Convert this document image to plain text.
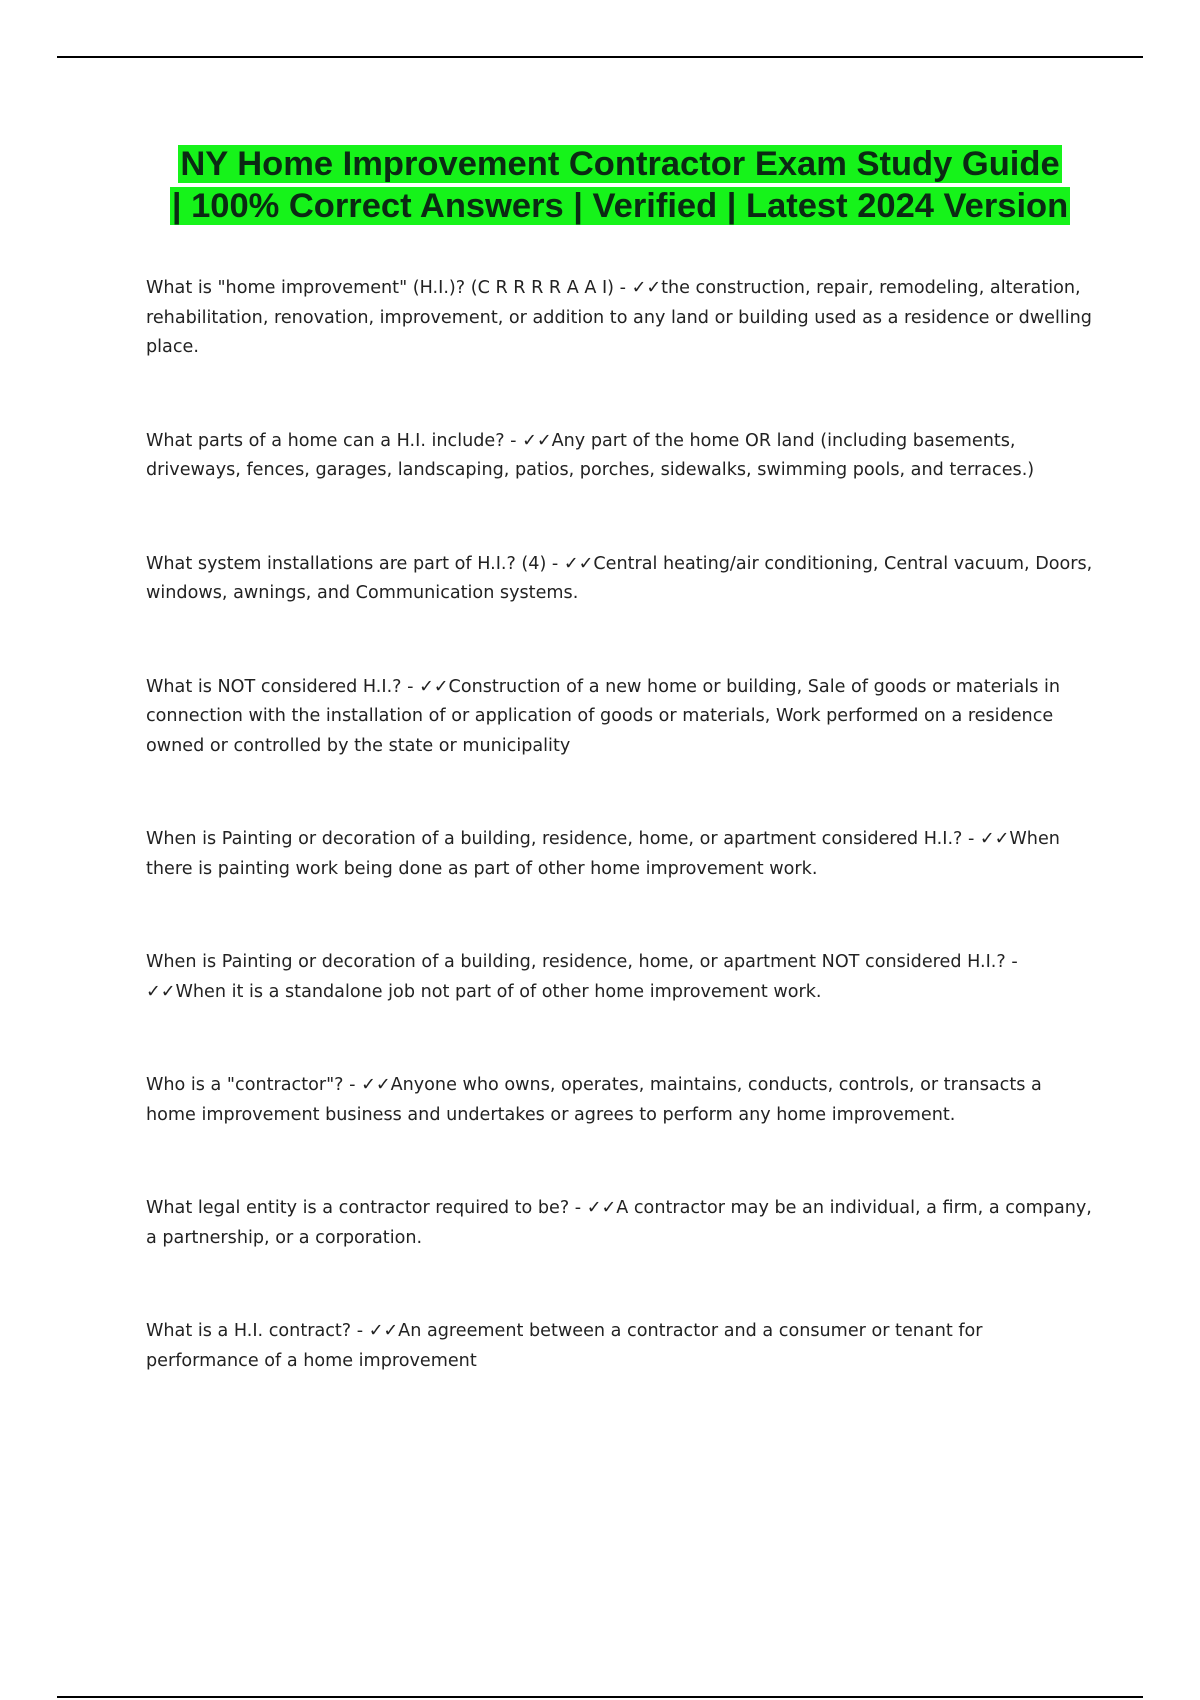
NY Home Improvement Contractor Exam Study Guide
| 100% Correct Answers | Verified | Latest 2024 Version

What is "home improvement" (H.I.)? (C R R R R A A I) - ✓✓the construction, repair, remodeling, alteration, rehabilitation, renovation, improvement, or addition to any land or building used as a residence or dwelling place.

What parts of a home can a H.I. include? - ✓✓Any part of the home OR land (including basements, driveways, fences, garages, landscaping, patios, porches, sidewalks, swimming pools, and terraces.)

What system installations are part of H.I.? (4) - ✓✓Central heating/air conditioning, Central vacuum, Doors, windows, awnings, and Communication systems.

What is NOT considered H.I.? - ✓✓Construction of a new home or building, Sale of goods or materials in connection with the installation of or application of goods or materials, Work performed on a residence owned or controlled by the state or municipality

When is Painting or decoration of a building, residence, home, or apartment considered H.I.? - ✓✓When there is painting work being done as part of other home improvement work.

When is Painting or decoration of a building, residence, home, or apartment NOT considered H.I.? - ✓✓When it is a standalone job not part of of other home improvement work.

Who is a "contractor"? - ✓✓Anyone who owns, operates, maintains, conducts, controls, or transacts a home improvement business and undertakes or agrees to perform any home improvement.

What legal entity is a contractor required to be? - ✓✓A contractor may be an individual, a firm, a company, a partnership, or a corporation.

What is a H.I. contract? - ✓✓An agreement between a contractor and a consumer or tenant for performance of a home improvement
